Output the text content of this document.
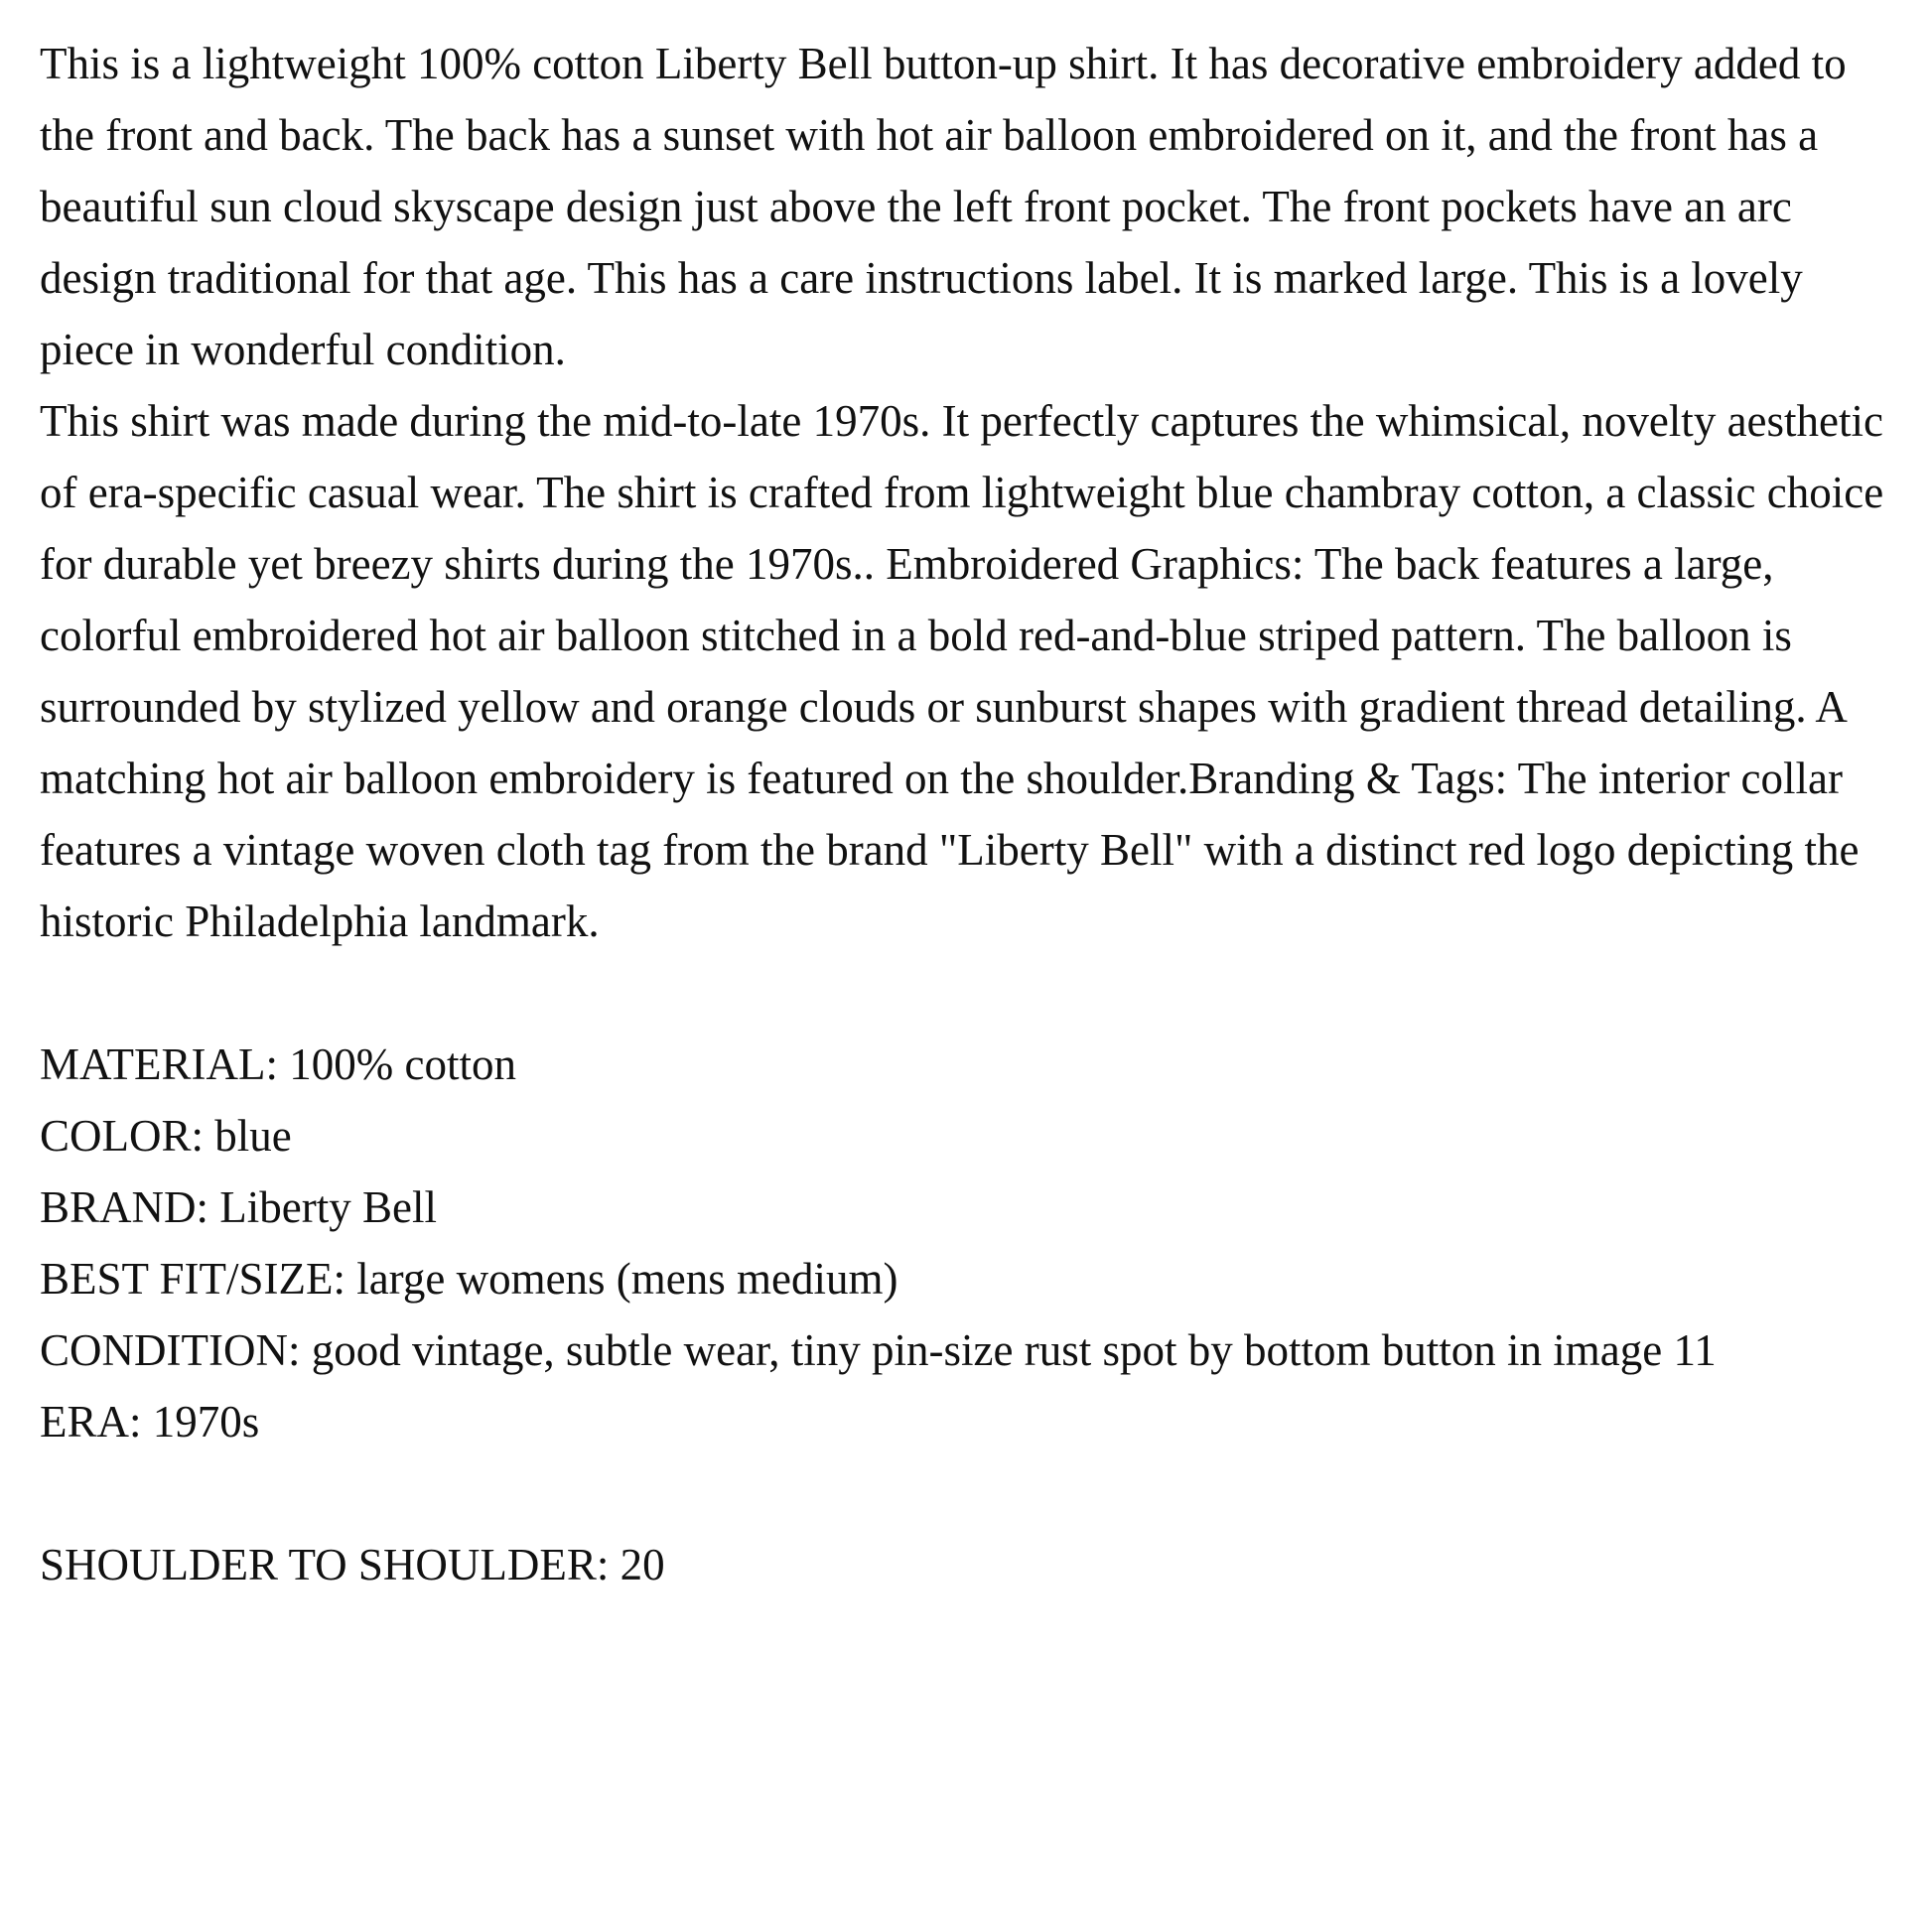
This is a lightweight 100% cotton Liberty Bell button-up shirt. It has decorative embroidery added to the front and back. The back has a sunset with hot air balloon embroidered on it, and the front has a beautiful sun cloud skyscape design just above the left front pocket. The front pockets have an arc design traditional for that age. This has a care instructions label. It is marked large. This is a lovely piece in wonderful condition.

This shirt was made during the mid-to-late 1970s. It perfectly captures the whimsical, novelty aesthetic of era-specific casual wear. The shirt is crafted from lightweight blue chambray cotton, a classic choice for durable yet breezy shirts during the 1970s.. Embroidered Graphics: The back features a large, colorful embroidered hot air balloon stitched in a bold red-and-blue striped pattern. The balloon is surrounded by stylized yellow and orange clouds or sunburst shapes with gradient thread detailing. A matching hot air balloon embroidery is featured on the shoulder.Branding & Tags: The interior collar features a vintage woven cloth tag from the brand "Liberty Bell" with a distinct red logo depicting the historic Philadelphia landmark.

MATERIAL: 100% cotton

COLOR: blue

BRAND: Liberty Bell

BEST FIT/SIZE: large womens (mens medium)

CONDITION: good vintage, subtle wear, tiny pin-size rust spot by bottom button in image 11

ERA: 1970s

SHOULDER TO SHOULDER: 20
